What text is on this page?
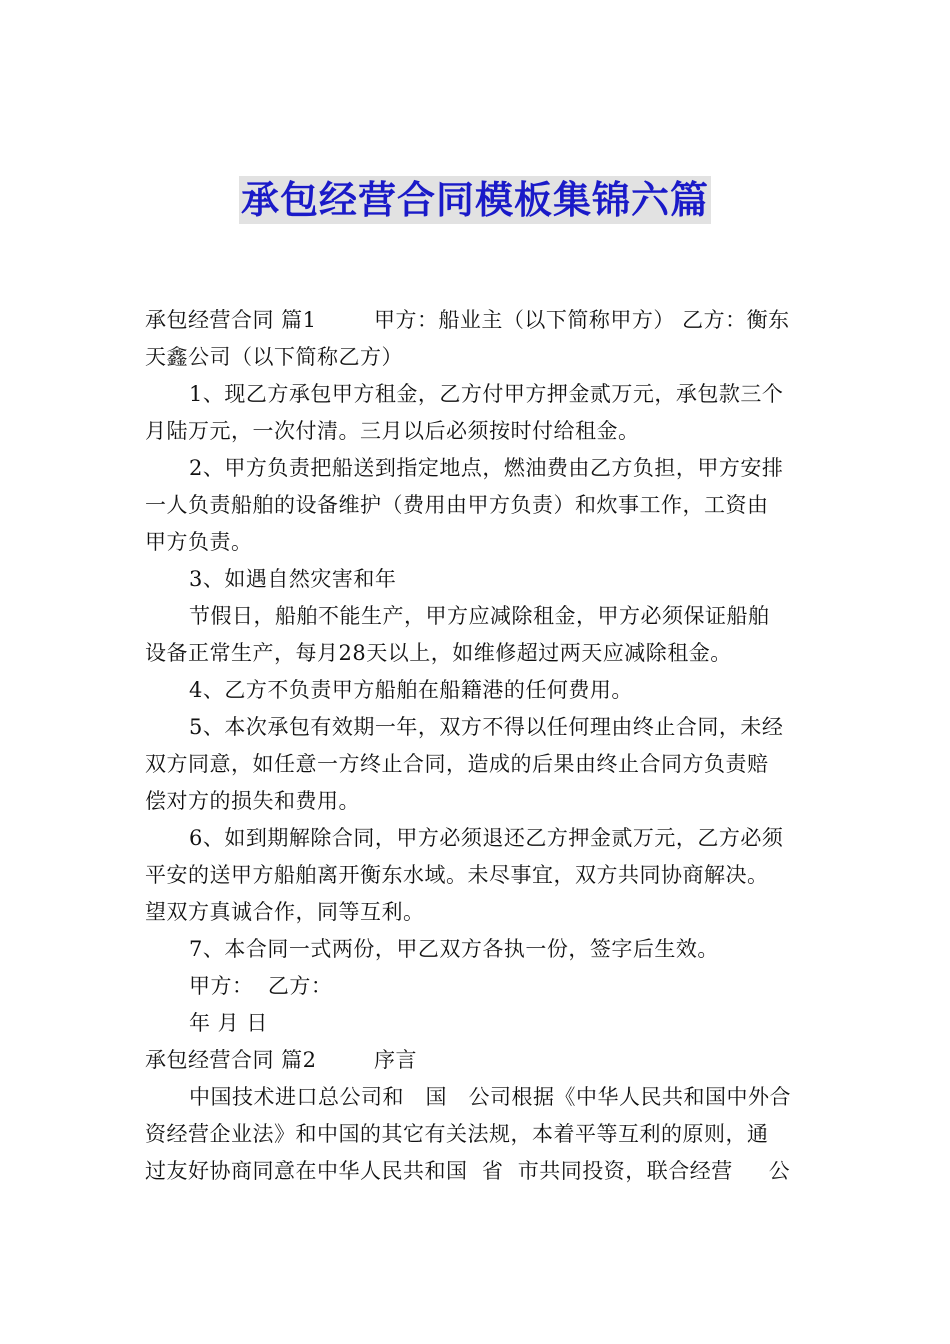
承包经营合同模板集锦六篇
承包经营合同 篇1        甲方：船业主（以下简称甲方） 乙方：衡东
天鑫公司（以下简称乙方）
1、现乙方承包甲方租金，乙方付甲方押金贰万元，承包款三个
月陆万元，一次付清。三月以后必须按时付给租金。
2、甲方负责把船送到指定地点，燃油费由乙方负担，甲方安排
一人负责船舶的设备维护（费用由甲方负责）和炊事工作，工资由
甲方负责。
3、如遇自然灾害和年
节假日，船舶不能生产，甲方应减除租金，甲方必须保证船舶
设备正常生产，每月28天以上，如维修超过两天应减除租金。
4、乙方不负责甲方船舶在船籍港的任何费用。
5、本次承包有效期一年，双方不得以任何理由终止合同，未经
双方同意，如任意一方终止合同，造成的后果由终止合同方负责赔
偿对方的损失和费用。
6、如到期解除合同，甲方必须退还乙方押金贰万元，乙方必须
平安的送甲方船舶离开衡东水域。未尽事宜，双方共同协商解决。
望双方真诚合作，同等互利。
7、本合同一式两份，甲乙双方各执一份，签字后生效。
甲方：  乙方：
年 月 日
承包经营合同 篇2        序言
中国技术进口总公司和   国   公司根据《中华人民共和国中外合
资经营企业法》和中国的其它有关法规，本着平等互利的原则，通
过友好协商同意在中华人民共和国  省  市共同投资，联合经营     公
